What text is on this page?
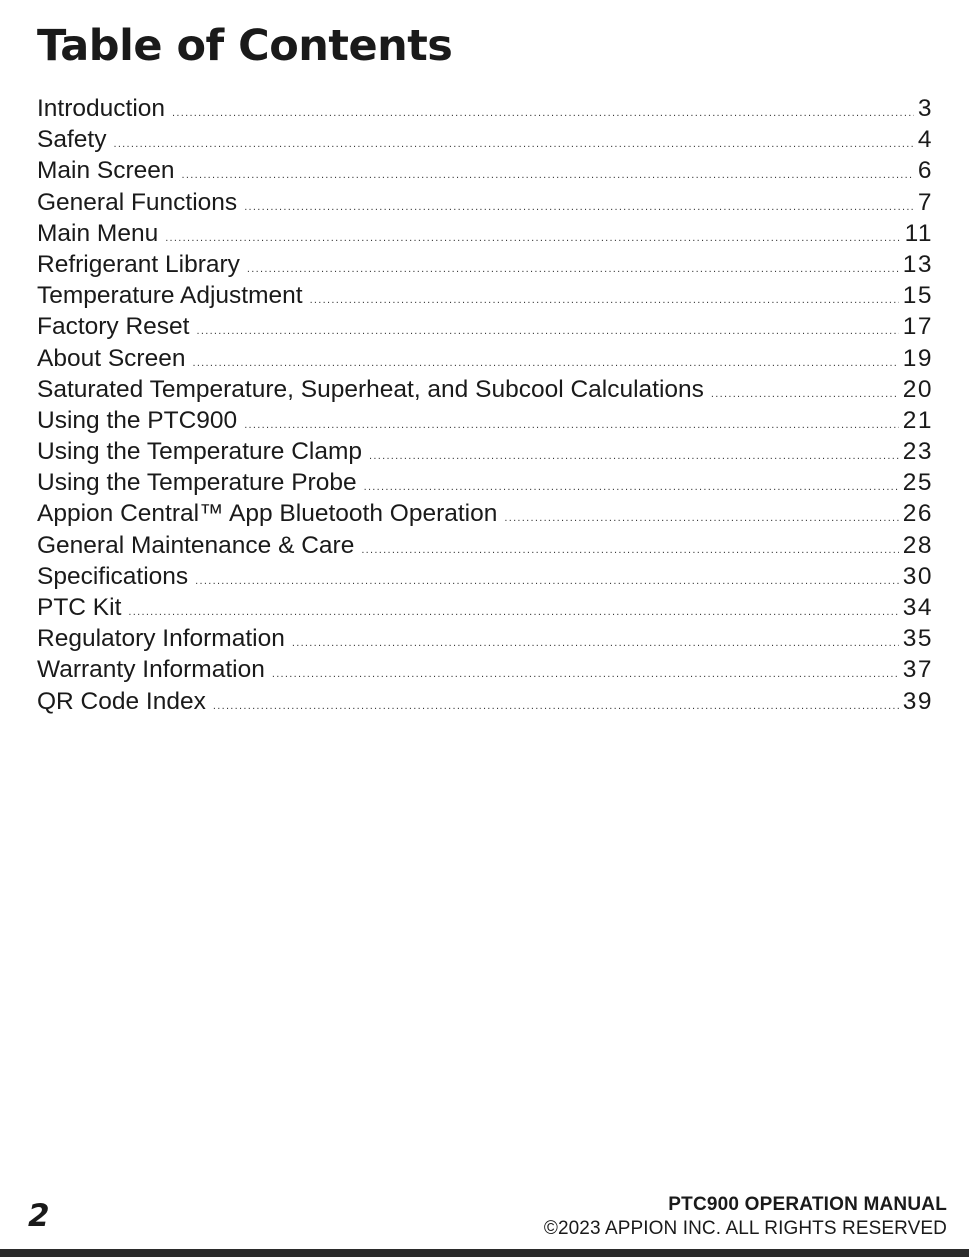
Table of Contents
Introduction .....	3
Safety .....	4
Main Screen .....	6
General Functions .....	7
Main Menu .....	11
Refrigerant Library .....	13
Temperature Adjustment .....	15
Factory Reset .....	17
About Screen .....	19
Saturated Temperature, Superheat, and Subcool Calculations .....	20
Using the PTC900 .....	21
Using the Temperature Clamp .....	23
Using the Temperature Probe .....	25
Appion Central™ App Bluetooth Operation .....	26
General Maintenance & Care .....	28
Specifications .....	30
PTC Kit .....	34
Regulatory Information .....	35
Warranty Information .....	37
QR Code Index .....	39
2	PTC900 OPERATION MANUAL
©2023 APPION INC. ALL RIGHTS RESERVED
